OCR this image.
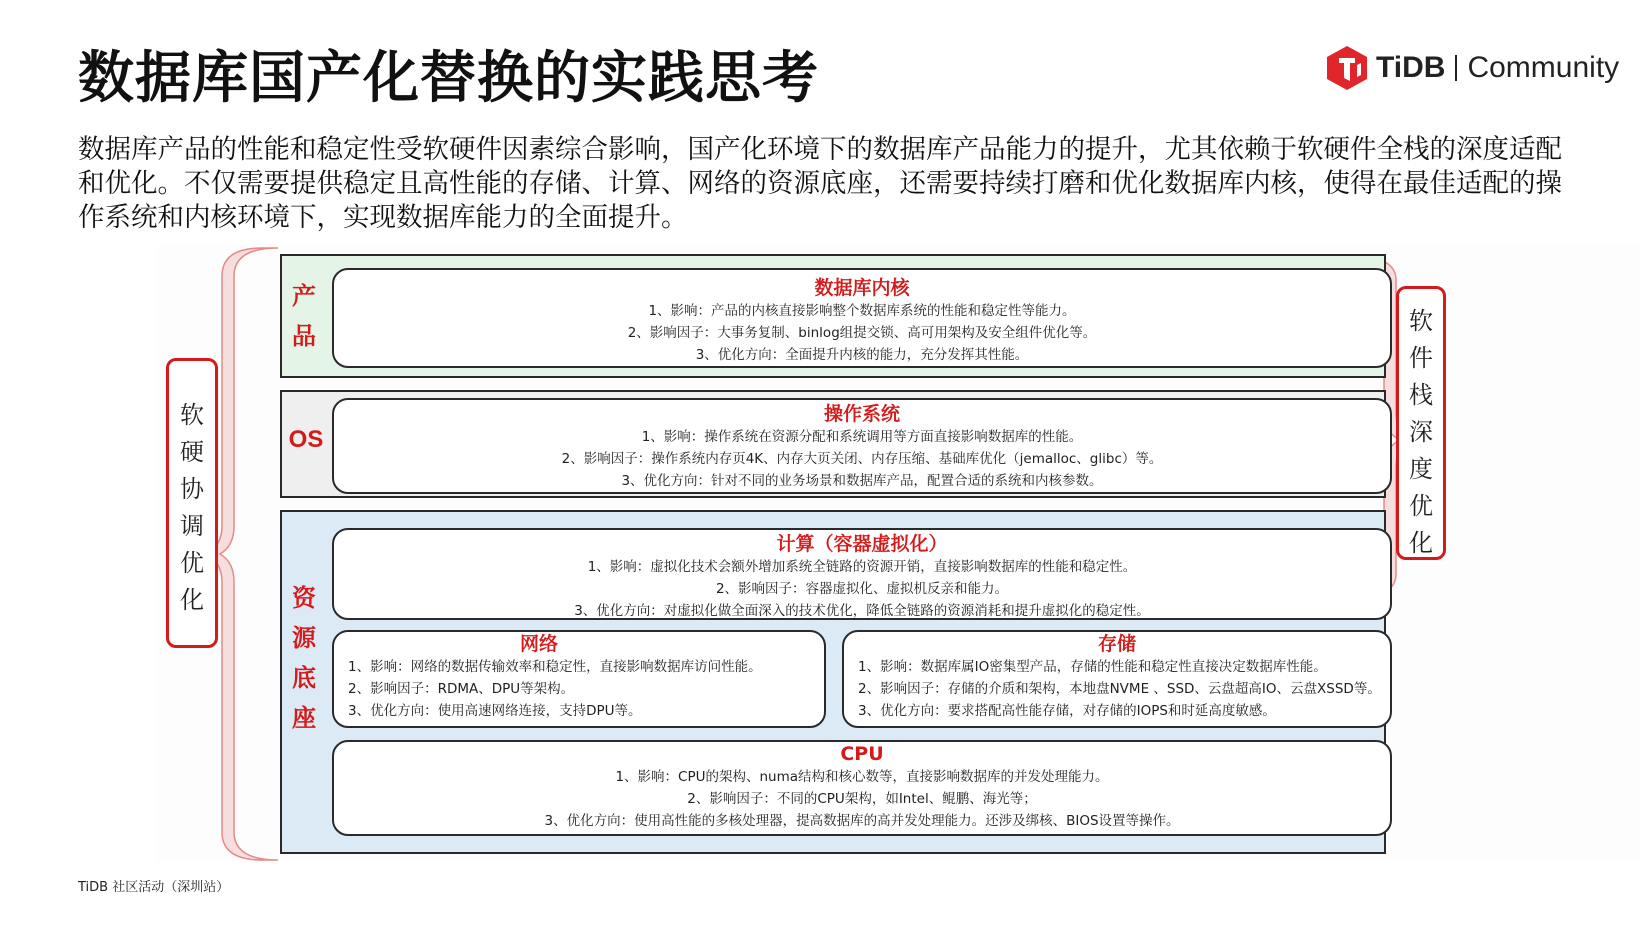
数据库国产化替换的实践思考	TiDB Community
数据库产品的性能和稳定性受软硬件因素综合影响，国产化环境下的数据库产品能力的提升，尤其依赖于软硬件全栈的深度适配和优化。不仅需要提供稳定且高性能的存储、计算、网络的资源底座，还需要持续打磨和优化数据库内核，使得在最佳适配的操作系统和内核环境下，实现数据库能力的全面提升。
产
品
OS
资
源
底
座
数据库内核

1、影响：产品的内核直接影响整个数据库系统的性能和稳定性等能力。

2、影响因子：大事务复制、binlog组提交锁、高可用架构及安全组件优化等。

3、优化方向：全面提升内核的能力，充分发挥其性能。

操作系统

1、影响：操作系统在资源分配和系统调用等方面直接影响数据库的性能。

2、影响因子：操作系统内存页4K、内存大页关闭、内存压缩、基础库优化（jemalloc、glibc）等。

3、优化方向：针对不同的业务场景和数据库产品，配置合适的系统和内核参数。

计算（容器虚拟化）

1、影响：虚拟化技术会额外增加系统全链路的资源开销，直接影响数据库的性能和稳定性。

2、影响因子：容器虚拟化、虚拟机反亲和能力。

3、优化方向：对虚拟化做全面深入的技术优化，降低全链路的资源消耗和提升虚拟化的稳定性。

网络

1、影响：网络的数据传输效率和稳定性，直接影响数据库访问性能。

2、影响因子：RDMA、DPU等架构。

3、优化方向：使用高速网络连接，支持DPU等。

存储

1、影响：数据库属IO密集型产品，存储的性能和稳定性直接决定数据库性能。

2、影响因子：存储的介质和架构，本地盘NVME 、SSD、云盘超高IO、云盘XSSD等。

3、优化方向：要求搭配高性能存储，对存储的IOPS和时延高度敏感。

CPU

1、影响：CPU的架构、numa结构和核心数等，直接影响数据库的并发处理能力。

2、影响因子：不同的CPU架构，如Intel、鲲鹏、海光等；

3、优化方向：使用高性能的多核处理器，提高数据库的高并发处理能力。还涉及绑核、BIOS设置等操作。

软
硬
协
调
优
化
软
件
栈
深
度
优
化
TiDB 社区活动（深圳站）
